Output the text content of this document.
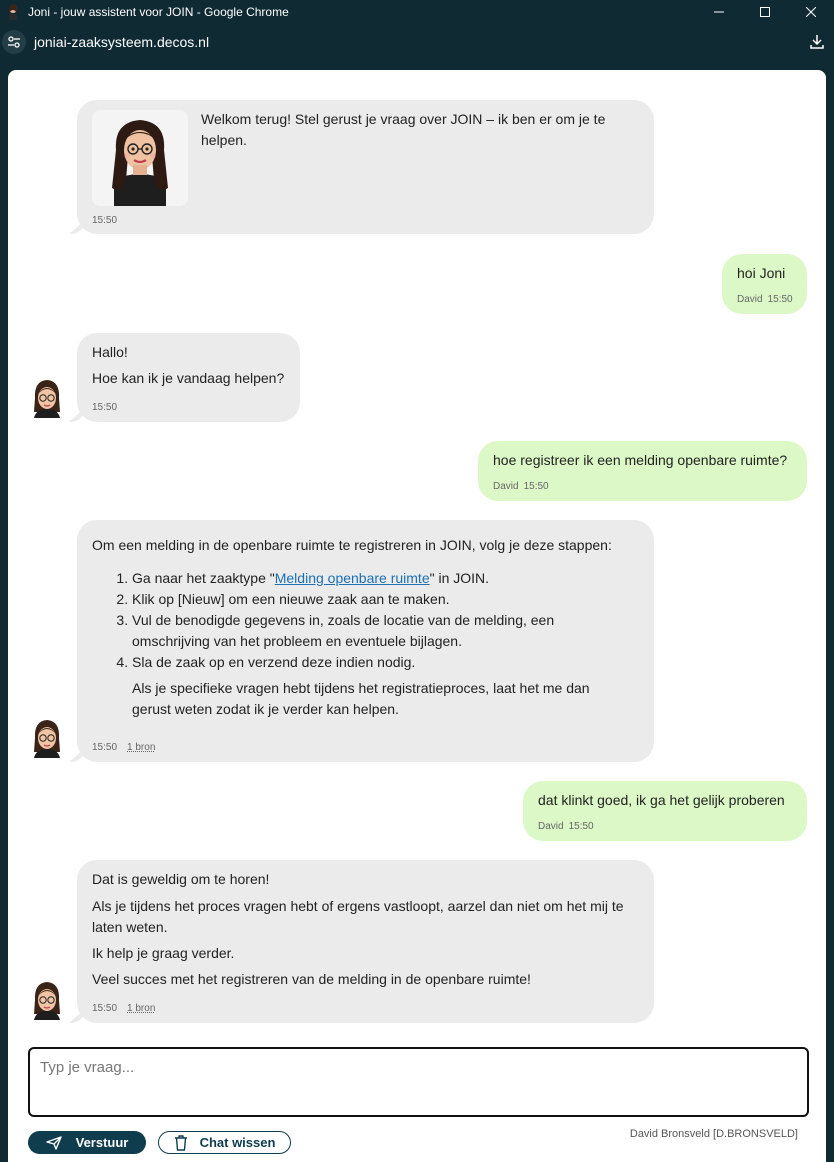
Joni - jouw assistent voor JOIN - Google Chrome
joniai-zaaksysteem.decos.nl
Welkom terug! Stel gerust je vraag over JOIN – ik ben er om je te helpen.
15:50
hoi Joni
David 15:50
Hallo!
Hoe kan ik je vandaag helpen?
15:50
hoe registreer ik een melding openbare ruimte?
David 15:50
Om een melding in de openbare ruimte te registreren in JOIN, volg je deze stappen:
1. Ga naar het zaaktype "Melding openbare ruimte" in JOIN.
2. Klik op [Nieuw] om een nieuwe zaak aan te maken.
3. Vul de benodigde gegevens in, zoals de locatie van de melding, een omschrijving van het probleem en eventuele bijlagen.
4. Sla de zaak op en verzend deze indien nodig.
Als je specifieke vragen hebt tijdens het registratieproces, laat het me dan gerust weten zodat ik je verder kan helpen.
15:50 1 bron
dat klinkt goed, ik ga het gelijk proberen
David 15:50
Dat is geweldig om te horen!
Als je tijdens het proces vragen hebt of ergens vastloopt, aarzel dan niet om het mij te laten weten.
Ik help je graag verder.
Veel succes met het registreren van de melding in de openbare ruimte!
15:50 1 bron
Typ je vraag...
Verstuur	Chat wissen
David Bronsveld [D.BRONSVELD]
